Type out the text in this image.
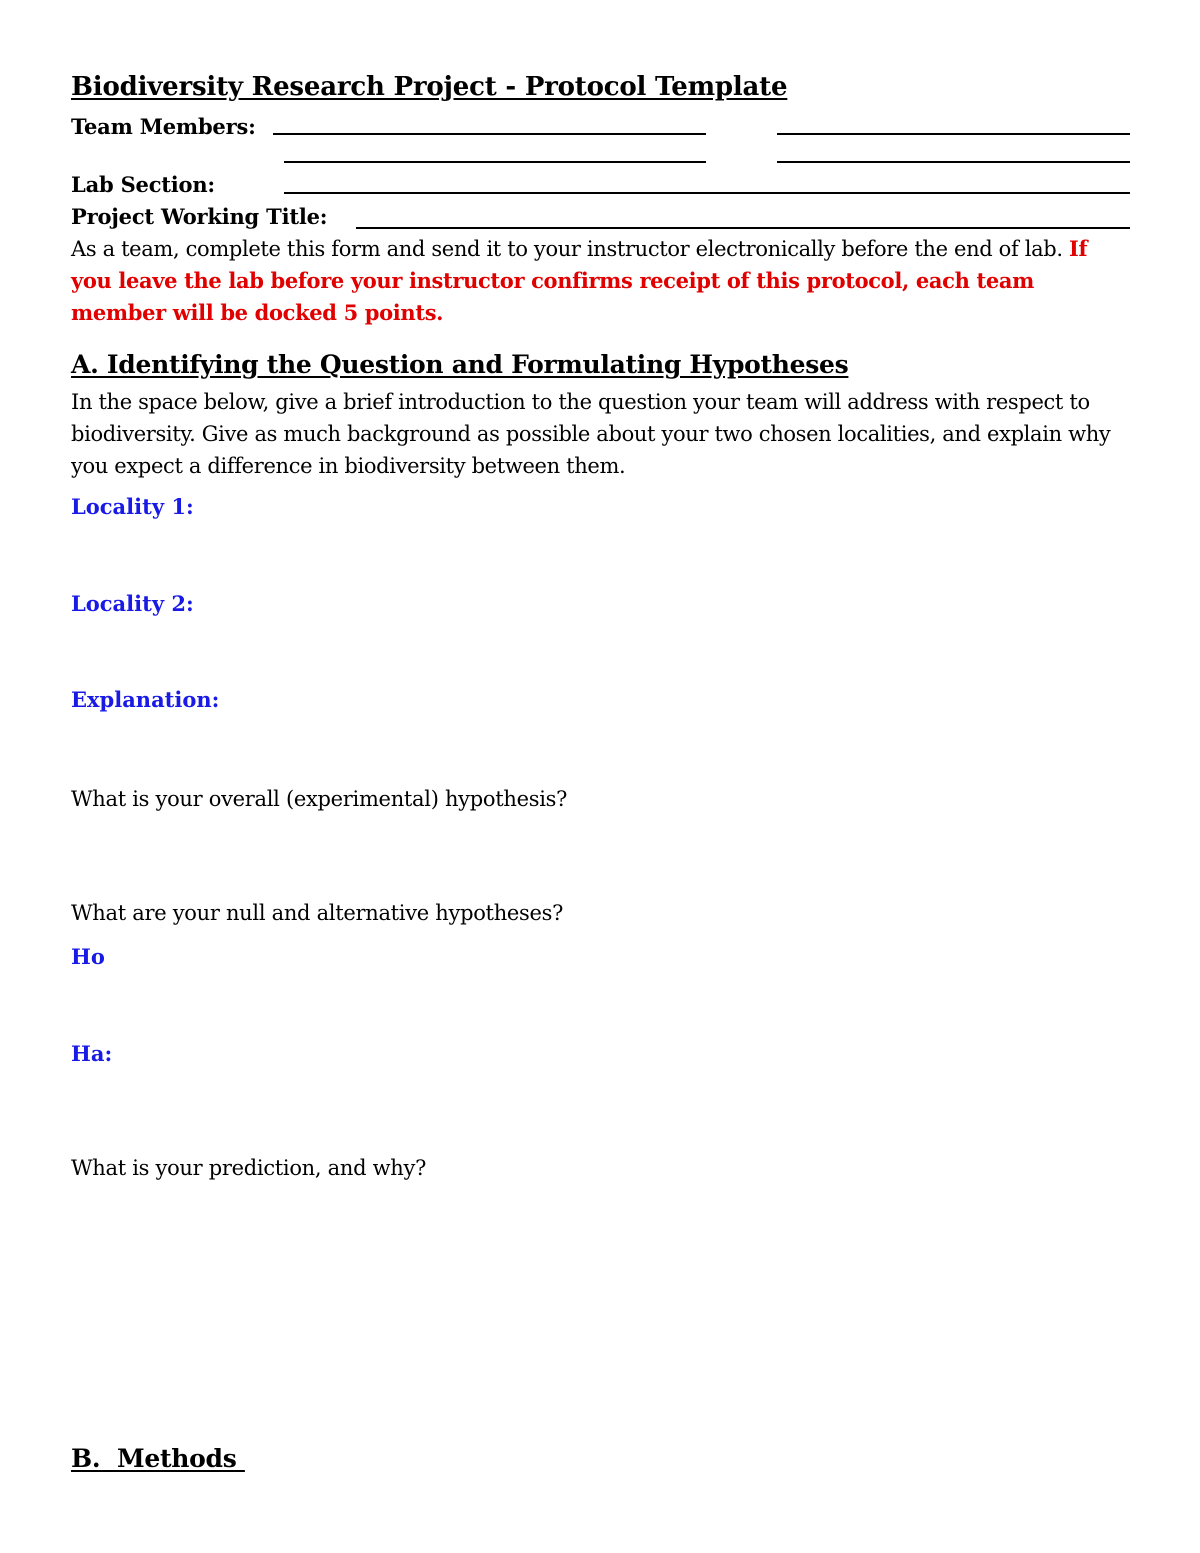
Biodiversity Research Project - Protocol Template
Team Members:
Lab Section:
Project Working Title:
As a team, complete this form and send it to your instructor electronically before the end of lab. If you leave the lab before your instructor confirms receipt of this protocol, each team member will be docked 5 points.
A. Identifying the Question and Formulating Hypotheses
In the space below, give a brief introduction to the question your team will address with respect to biodiversity. Give as much background as possible about your two chosen localities, and explain why you expect a difference in biodiversity between them.
Locality 1:
Locality 2:
Explanation:
What is your overall (experimental) hypothesis?
What are your null and alternative hypotheses?
Ho
Ha:
What is your prediction, and why?
B.  Methods
